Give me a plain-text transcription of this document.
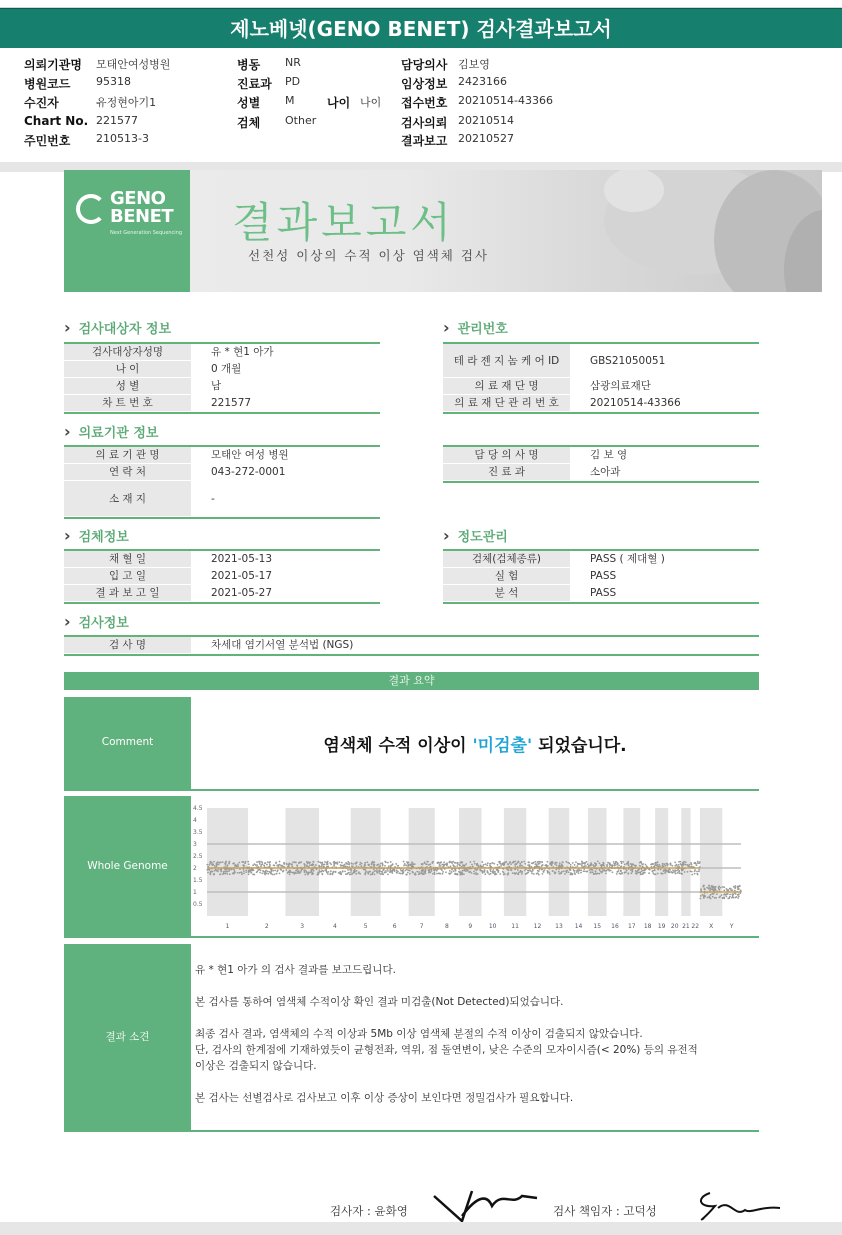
제노베넷(GENO BENET) 검사결과보고서
의뢰기관명 모태안여성병원
병원코드 95318
수진자	유정현아기1
Chart No. 221577
주민번호 210513-3
병동 NR
진료과 PD
성별 M
검체 Other
나이 나이
담당의사 김보영
임상정보 2423166
접수번호 20210514-43366
검사의뢰 20210514
결과보고 20210527
GENO
BENET
Next Generation Sequencing 결과보고서
선천성 이상의 수적 이상 염색체 검사
› 검사대상자 정보
검사대상자성명	유 * 현1 아가
나 이	0 개월
성 별	남
차 트 번 호	221577
› 관리번호
테 라 젠 지 놈 케 어 ID	GBS21050051
의 료 재 단 명	삼광의료재단
의 료 재 단 관 리 번 호	20210514-43366
› 의료기관 정보
의 료 기 관 명	모태안 여성 병원
연 락 처	043-272-0001
소 재 지	-
담 당 의 사 명	김 보 영
진 료 과	소아과
› 검체정보
채 혈 일	2021-05-13
입 고 일	2021-05-17
결 과 보 고 일	2021-05-27
› 정도관리
검체(검체종류)	PASS ( 제대혈 )
실 험	PASS
분 석	PASS
› 검사정보
검 사 명	차세대 염기서열 분석법 (NGS)
결과 요약
Comment	염색체 수적 이상이 '미검출' 되었습니다.
Whole Genome
4.5
4
3.5
3
2.5
2
1.5
1
0.5
1	2	3	4	5	6	7	8	9	10 11 12 13 14 15 16 17 18 19 20 21 22 X	Y
결과 소견

유 * 현1 아가 의 검사 결과를 보고드립니다.

본 검사를 통하여 염색체 수적이상 확인 결과 미검출(Not Detected)되었습니다.

최종 검사 결과, 염색체의 수적 이상과 5Mb 이상 염색체 분절의 수적 이상이 검출되지 않았습니다.
단, 검사의 한계점에 기재하였듯이 균형전좌, 역위, 점 돌연변이, 낮은 수준의 모자이시즘(< 20%) 등의 유전적

이상은 검출되지 않습니다.

본 검사는 선별검사로 검사보고 이후 이상 증상이 보인다면 정밀검사가 필요합니다.

검사자 : 윤화영	검사 책임자 : 고덕성
